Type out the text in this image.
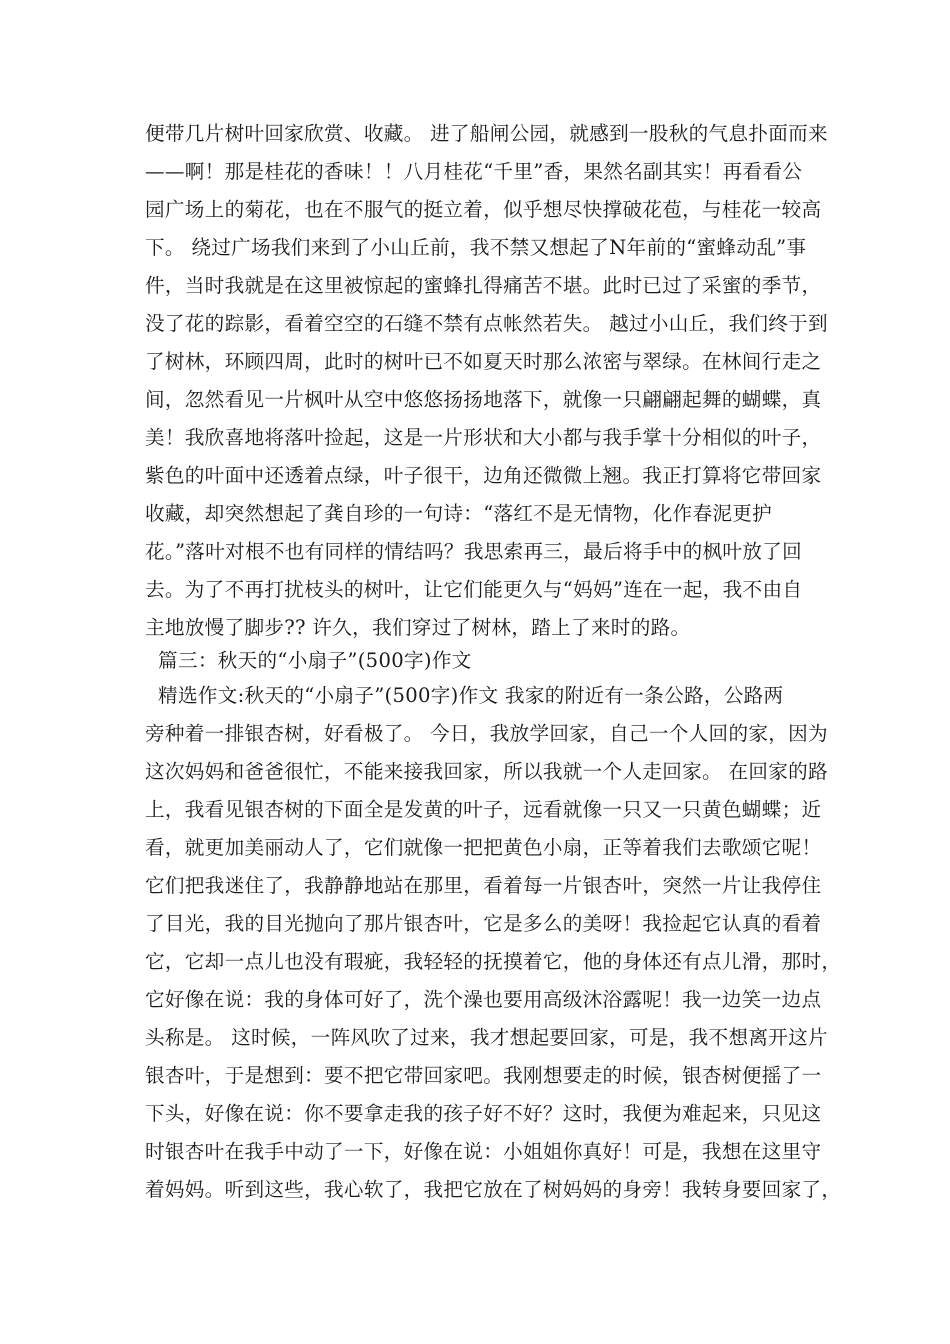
便带几片树叶回家欣赏、收藏。 进了船闸公园，就感到一股秋的气息扑面而来
——啊！那是桂花的香味！！八月桂花“千里”香，果然名副其实！再看看公
园广场上的菊花，也在不服气的挺立着，似乎想尽快撑破花苞，与桂花一较高
下。 绕过广场我们来到了小山丘前，我不禁又想起了N年前的“蜜蜂动乱”事
件，当时我就是在这里被惊起的蜜蜂扎得痛苦不堪。此时已过了采蜜的季节，
没了花的踪影，看着空空的石缝不禁有点帐然若失。 越过小山丘，我们终于到
了树林，环顾四周，此时的树叶已不如夏天时那么浓密与翠绿。在林间行走之
间，忽然看见一片枫叶从空中悠悠扬扬地落下，就像一只翩翩起舞的蝴蝶，真
美！我欣喜地将落叶捡起，这是一片形状和大小都与我手掌十分相似的叶子，
紫色的叶面中还透着点绿，叶子很干，边角还微微上翘。我正打算将它带回家
收藏，却突然想起了龚自珍的一句诗：“落红不是无情物，化作春泥更护
花。”落叶对根不也有同样的情结吗？我思索再三，最后将手中的枫叶放了回
去。为了不再打扰枝头的树叶，让它们能更久与“妈妈”连在一起，我不由自
主地放慢了脚步?? 许久，我们穿过了树林，踏上了来时的路。
篇三：秋天的“小扇子”(500字)作文
精选作文:秋天的“小扇子”(500字)作文 我家的附近有一条公路，公路两
旁种着一排银杏树，好看极了。 今日，我放学回家，自己一个人回的家，因为
这次妈妈和爸爸很忙，不能来接我回家，所以我就一个人走回家。 在回家的路
上，我看见银杏树的下面全是发黄的叶子，远看就像一只又一只黄色蝴蝶；近
看，就更加美丽动人了，它们就像一把把黄色小扇，正等着我们去歌颂它呢！
它们把我迷住了，我静静地站在那里，看着每一片银杏叶，突然一片让我停住
了目光，我的目光抛向了那片银杏叶，它是多么的美呀！我捡起它认真的看着
它，它却一点儿也没有瑕疵，我轻轻的抚摸着它，他的身体还有点儿滑，那时，
它好像在说：我的身体可好了，洗个澡也要用高级沐浴露呢！我一边笑一边点
头称是。 这时候，一阵风吹了过来，我才想起要回家，可是，我不想离开这片
银杏叶，于是想到：要不把它带回家吧。我刚想要走的时候，银杏树便摇了一
下头，好像在说：你不要拿走我的孩子好不好？这时，我便为难起来，只见这
时银杏叶在我手中动了一下，好像在说：小姐姐你真好！可是，我想在这里守
着妈妈。听到这些，我心软了，我把它放在了树妈妈的身旁！我转身要回家了，
